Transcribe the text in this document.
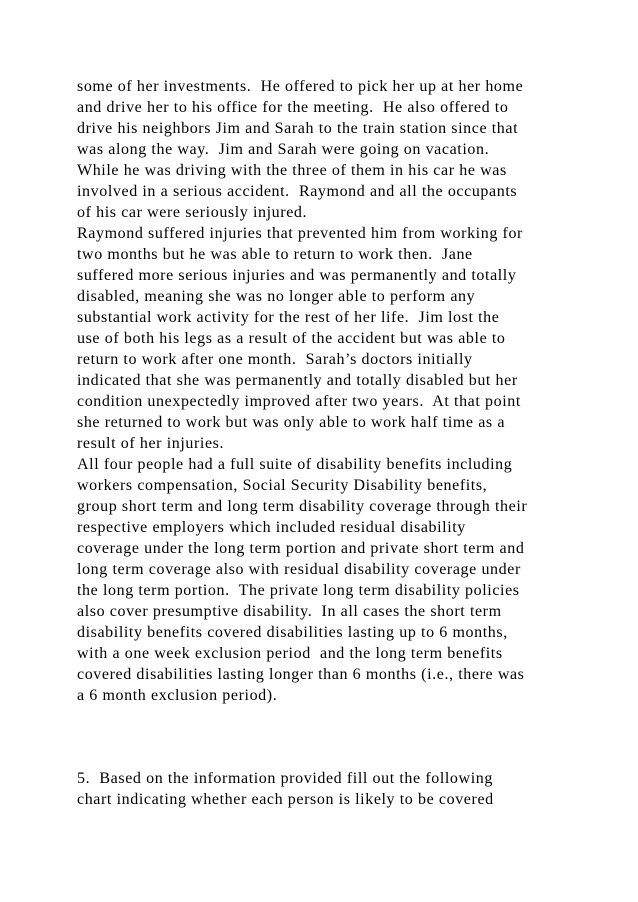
some of her investments.  He offered to pick her up at her home
and drive her to his office for the meeting.  He also offered to
drive his neighbors Jim and Sarah to the train station since that
was along the way.  Jim and Sarah were going on vacation.
While he was driving with the three of them in his car he was
involved in a serious accident.  Raymond and all the occupants
of his car were seriously injured.
Raymond suffered injuries that prevented him from working for
two months but he was able to return to work then.  Jane
suffered more serious injuries and was permanently and totally
disabled, meaning she was no longer able to perform any
substantial work activity for the rest of her life.  Jim lost the
use of both his legs as a result of the accident but was able to
return to work after one month.  Sarah’s doctors initially
indicated that she was permanently and totally disabled but her
condition unexpectedly improved after two years.  At that point
she returned to work but was only able to work half time as a
result of her injuries.
All four people had a full suite of disability benefits including
workers compensation, Social Security Disability benefits,
group short term and long term disability coverage through their
respective employers which included residual disability
coverage under the long term portion and private short term and
long term coverage also with residual disability coverage under
the long term portion.  The private long term disability policies
also cover presumptive disability.  In all cases the short term
disability benefits covered disabilities lasting up to 6 months,
with a one week exclusion period  and the long term benefits
covered disabilities lasting longer than 6 months (i.e., there was
a 6 month exclusion period).
5.  Based on the information provided fill out the following
chart indicating whether each person is likely to be covered
